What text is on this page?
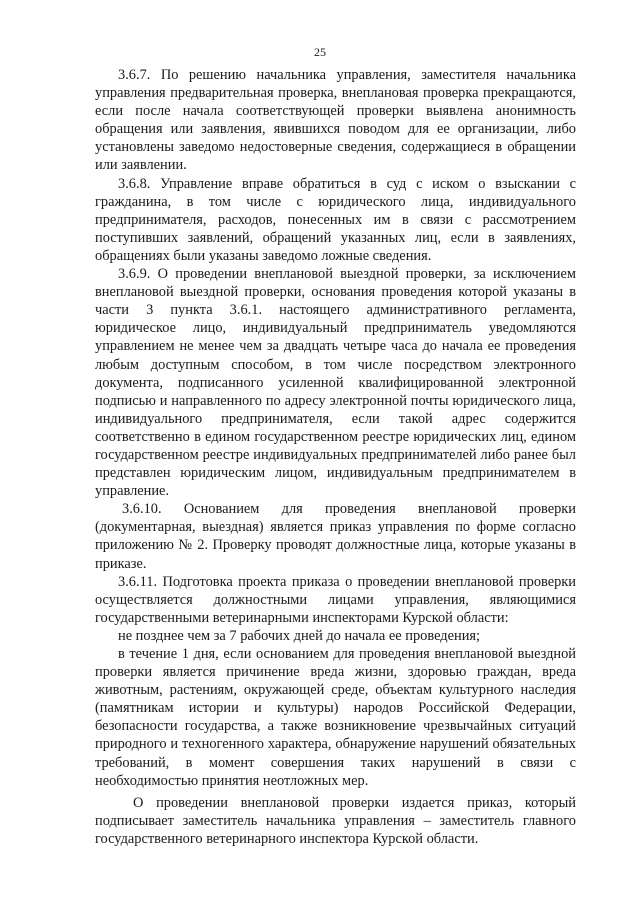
25

3.6.7. По решению начальника управления, заместителя начальника управления предварительная проверка, внеплановая проверка прекращаются, если после начала соответствующей проверки выявлена анонимность обращения или заявления, явившихся поводом для ее организации, либо установлены заведомо недостоверные сведения, содержащиеся в обращении или заявлении.

3.6.8. Управление вправе обратиться в суд с иском о взыскании с гражданина, в том числе с юридического лица, индивидуального предпринимателя, расходов, понесенных им в связи с рассмотрением поступивших заявлений, обращений указанных лиц, если в заявлениях, обращениях были указаны заведомо ложные сведения.

3.6.9. О проведении внеплановой выездной проверки, за исключением внеплановой выездной проверки, основания проведения которой указаны в части 3 пункта 3.6.1. настоящего административного регламента, юридическое лицо, индивидуальный предприниматель уведомляются управлением не менее чем за двадцать четыре часа до начала ее проведения любым доступным способом, в том числе посредством электронного документа, подписанного усиленной квалифицированной электронной подписью и направленного по адресу электронной почты юридического лица, индивидуального предпринимателя, если такой адрес содержится соответственно в едином государственном реестре юридических лиц, едином государственном реестре индивидуальных предпринимателей либо ранее был представлен юридическим лицом, индивидуальным предпринимателем в управление.

3.6.10. Основанием для проведения внеплановой проверки (документарная, выездная) является приказ управления по форме согласно приложению № 2. Проверку проводят должностные лица, которые указаны в приказе.

3.6.11. Подготовка проекта приказа о проведении внеплановой проверки осуществляется должностными лицами управления, являющимися государственными ветеринарными инспекторами Курской области:

не позднее чем за 7 рабочих дней до начала ее проведения;

в течение 1 дня, если основанием для проведения внеплановой выездной проверки является причинение вреда жизни, здоровью граждан, вреда животным, растениям, окружающей среде, объектам культурного наследия (памятникам истории и культуры) народов Российской Федерации, безопасности государства, а также возникновение чрезвычайных ситуаций природного и техногенного характера, обнаружение нарушений обязательных требований, в момент совершения таких нарушений в связи с необходимостью принятия неотложных мер.

О проведении внеплановой проверки издается приказ, который подписывает заместитель начальника управления – заместитель главного государственного ветеринарного инспектора Курской области.
